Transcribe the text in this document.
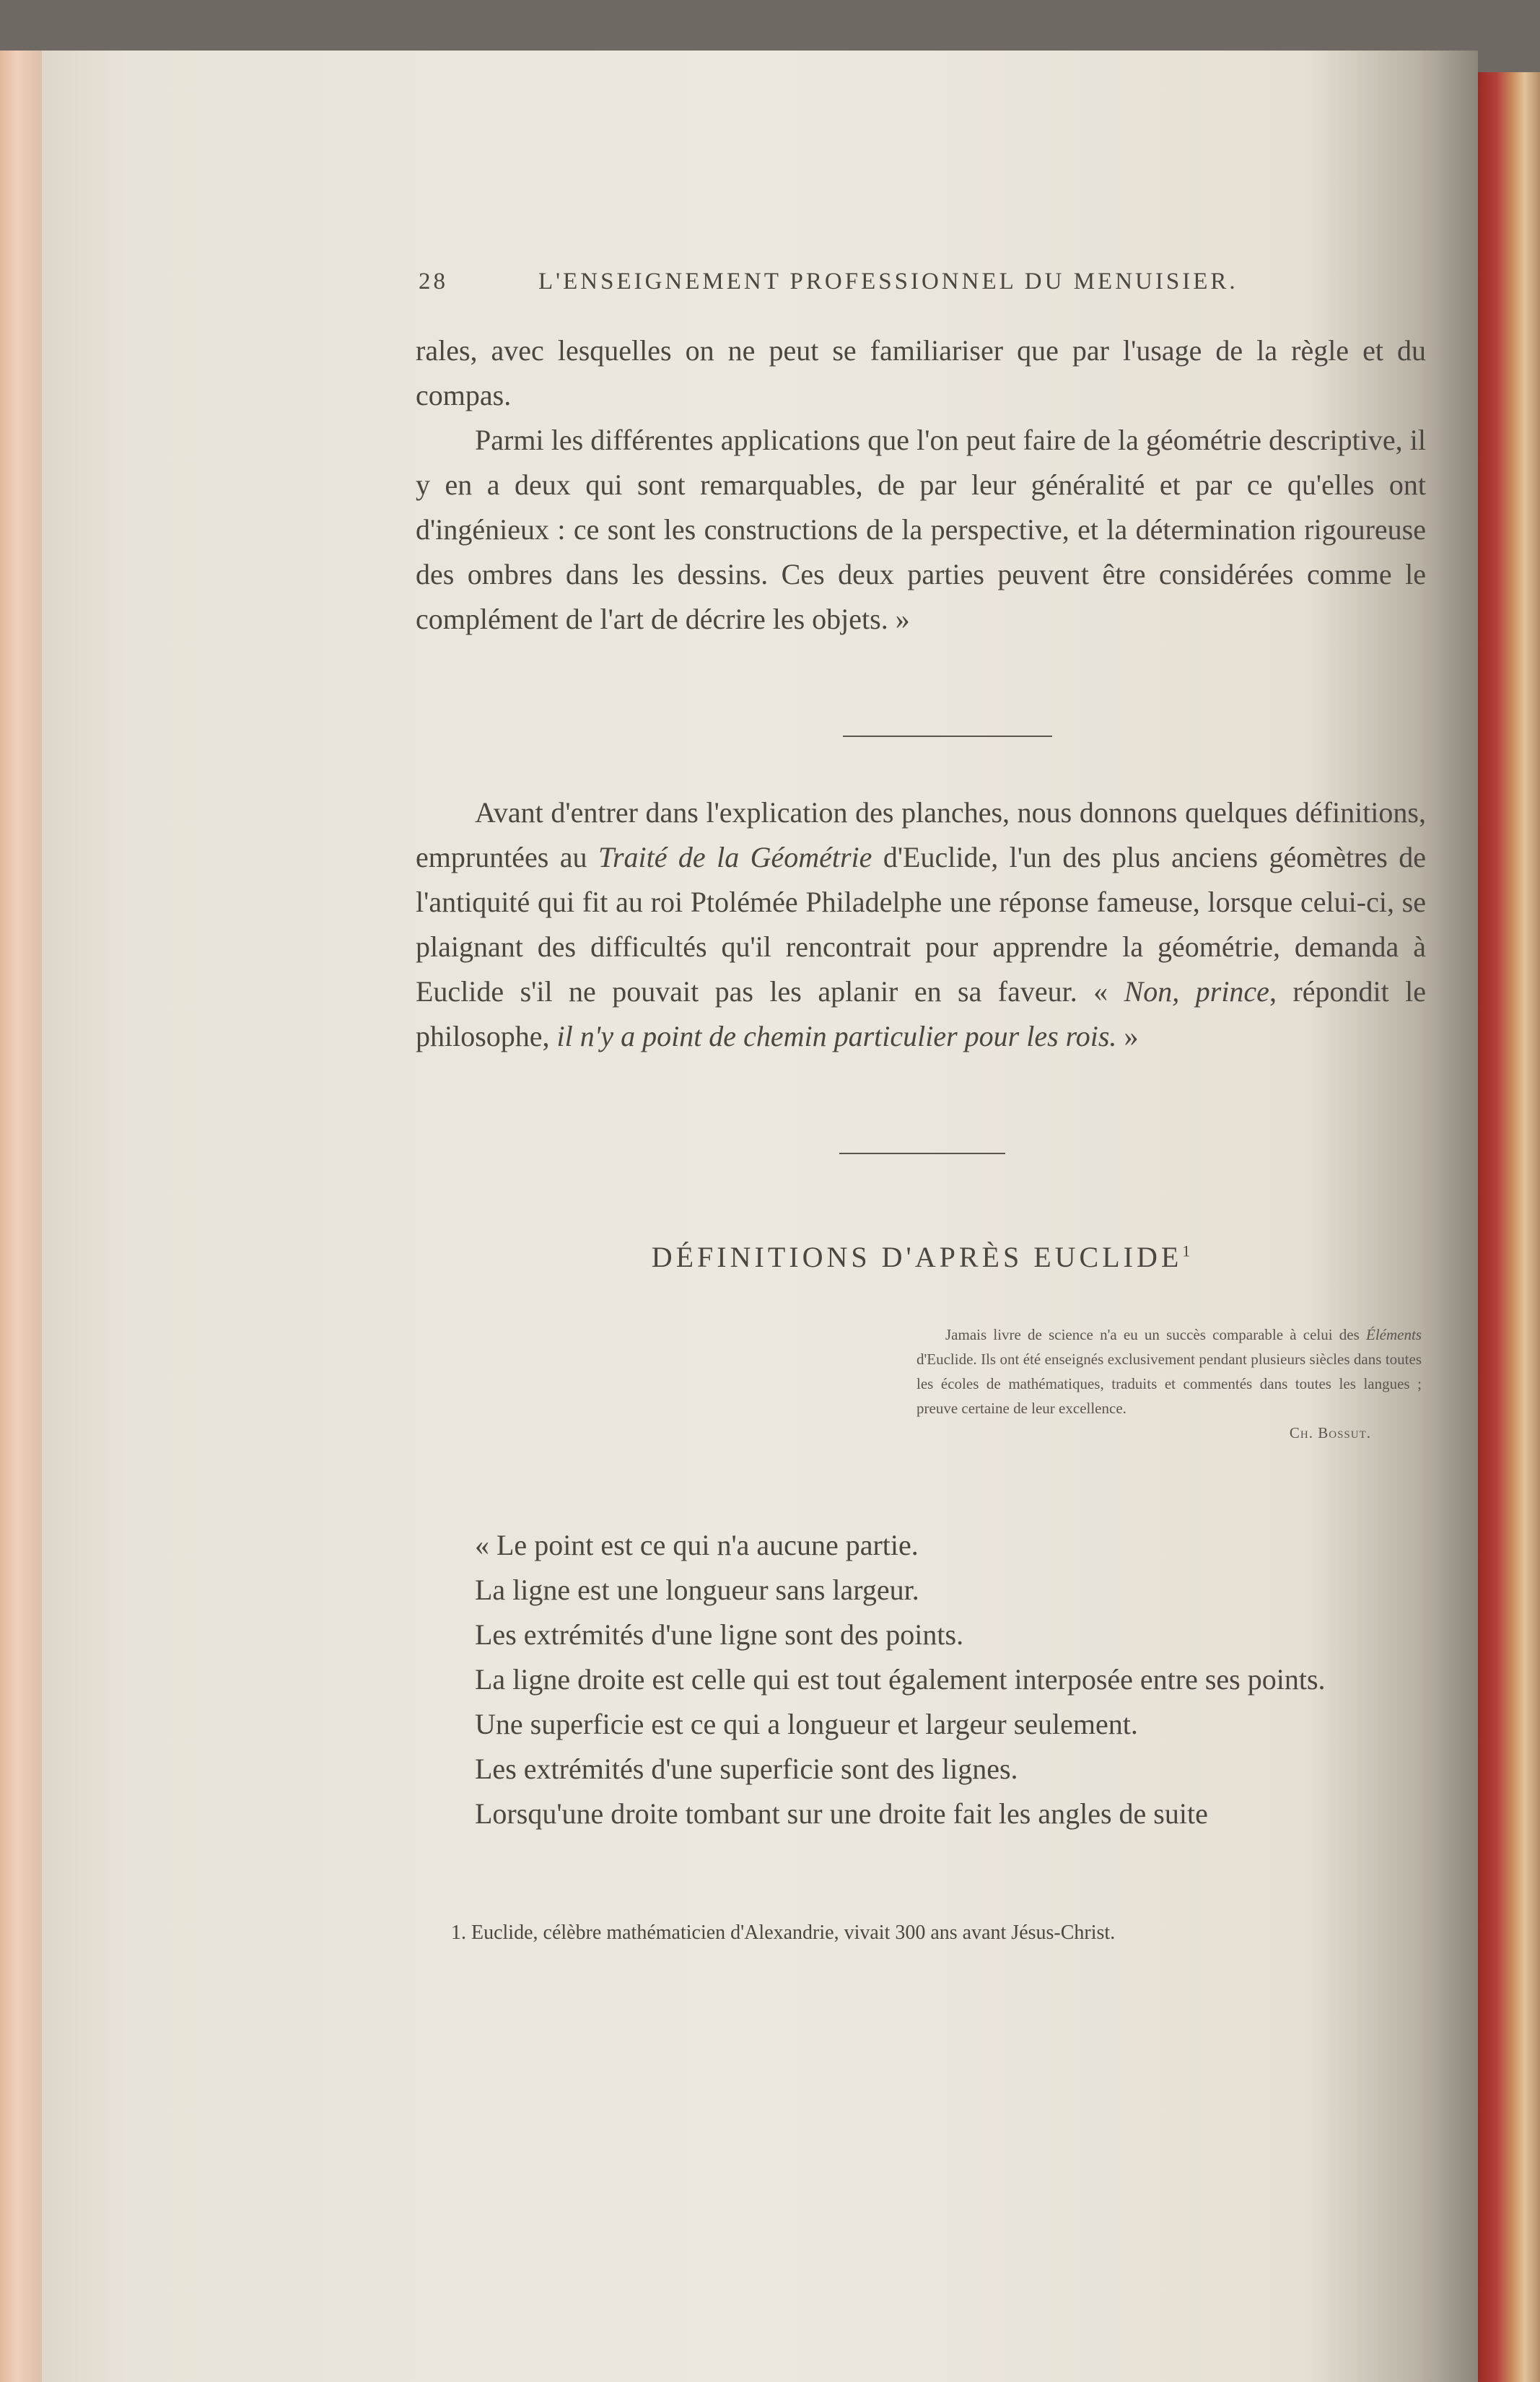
28	L'ENSEIGNEMENT PROFESSIONNEL DU MENUISIER.

rales, avec lesquelles on ne peut se familiariser que par l'usage de la règle et du compas.

Parmi les différentes applications que l'on peut faire de la géométrie descriptive, il y en a deux qui sont remarquables, de par leur généralité et par ce qu'elles ont d'ingénieux : ce sont les constructions de la perspective, et la détermination rigoureuse des ombres dans les dessins. Ces deux parties peuvent être considérées comme le complément de l'art de décrire les objets. »

Avant d'entrer dans l'explication des planches, nous donnons quelques définitions, empruntées au Traité de la Géométrie d'Euclide, l'un des plus anciens géomètres de l'antiquité qui fit au roi Ptolémée Philadelphe une réponse fameuse, lorsque celui-ci, se plaignant des difficultés qu'il rencontrait pour apprendre la géométrie, demanda à Euclide s'il ne pouvait pas les aplanir en sa faveur. « Non, prince, répondit le philosophe, il n'y a point de chemin particulier pour les rois. »

DÉFINITIONS D'APRÈS EUCLIDE$^1$
Jamais livre de science n'a eu un succès comparable à celui des Éléments d'Euclide. Ils ont été enseignés exclusivement pendant plusieurs siècles dans toutes les écoles de mathématiques, traduits et commentés dans toutes les langues ; preuve certaine de leur excellence.
Ch. Bossut.

« Le point est ce qui n'a aucune partie.

La ligne est une longueur sans largeur.

Les extrémités d'une ligne sont des points.

La ligne droite est celle qui est tout également interposée entre ses points.

Une superficie est ce qui a longueur et largeur seulement.

Les extrémités d'une superficie sont des lignes.

Lorsqu'une droite tombant sur une droite fait les angles de suite

1. Euclide, célèbre mathématicien d'Alexandrie, vivait 300 ans avant Jésus-Christ.
